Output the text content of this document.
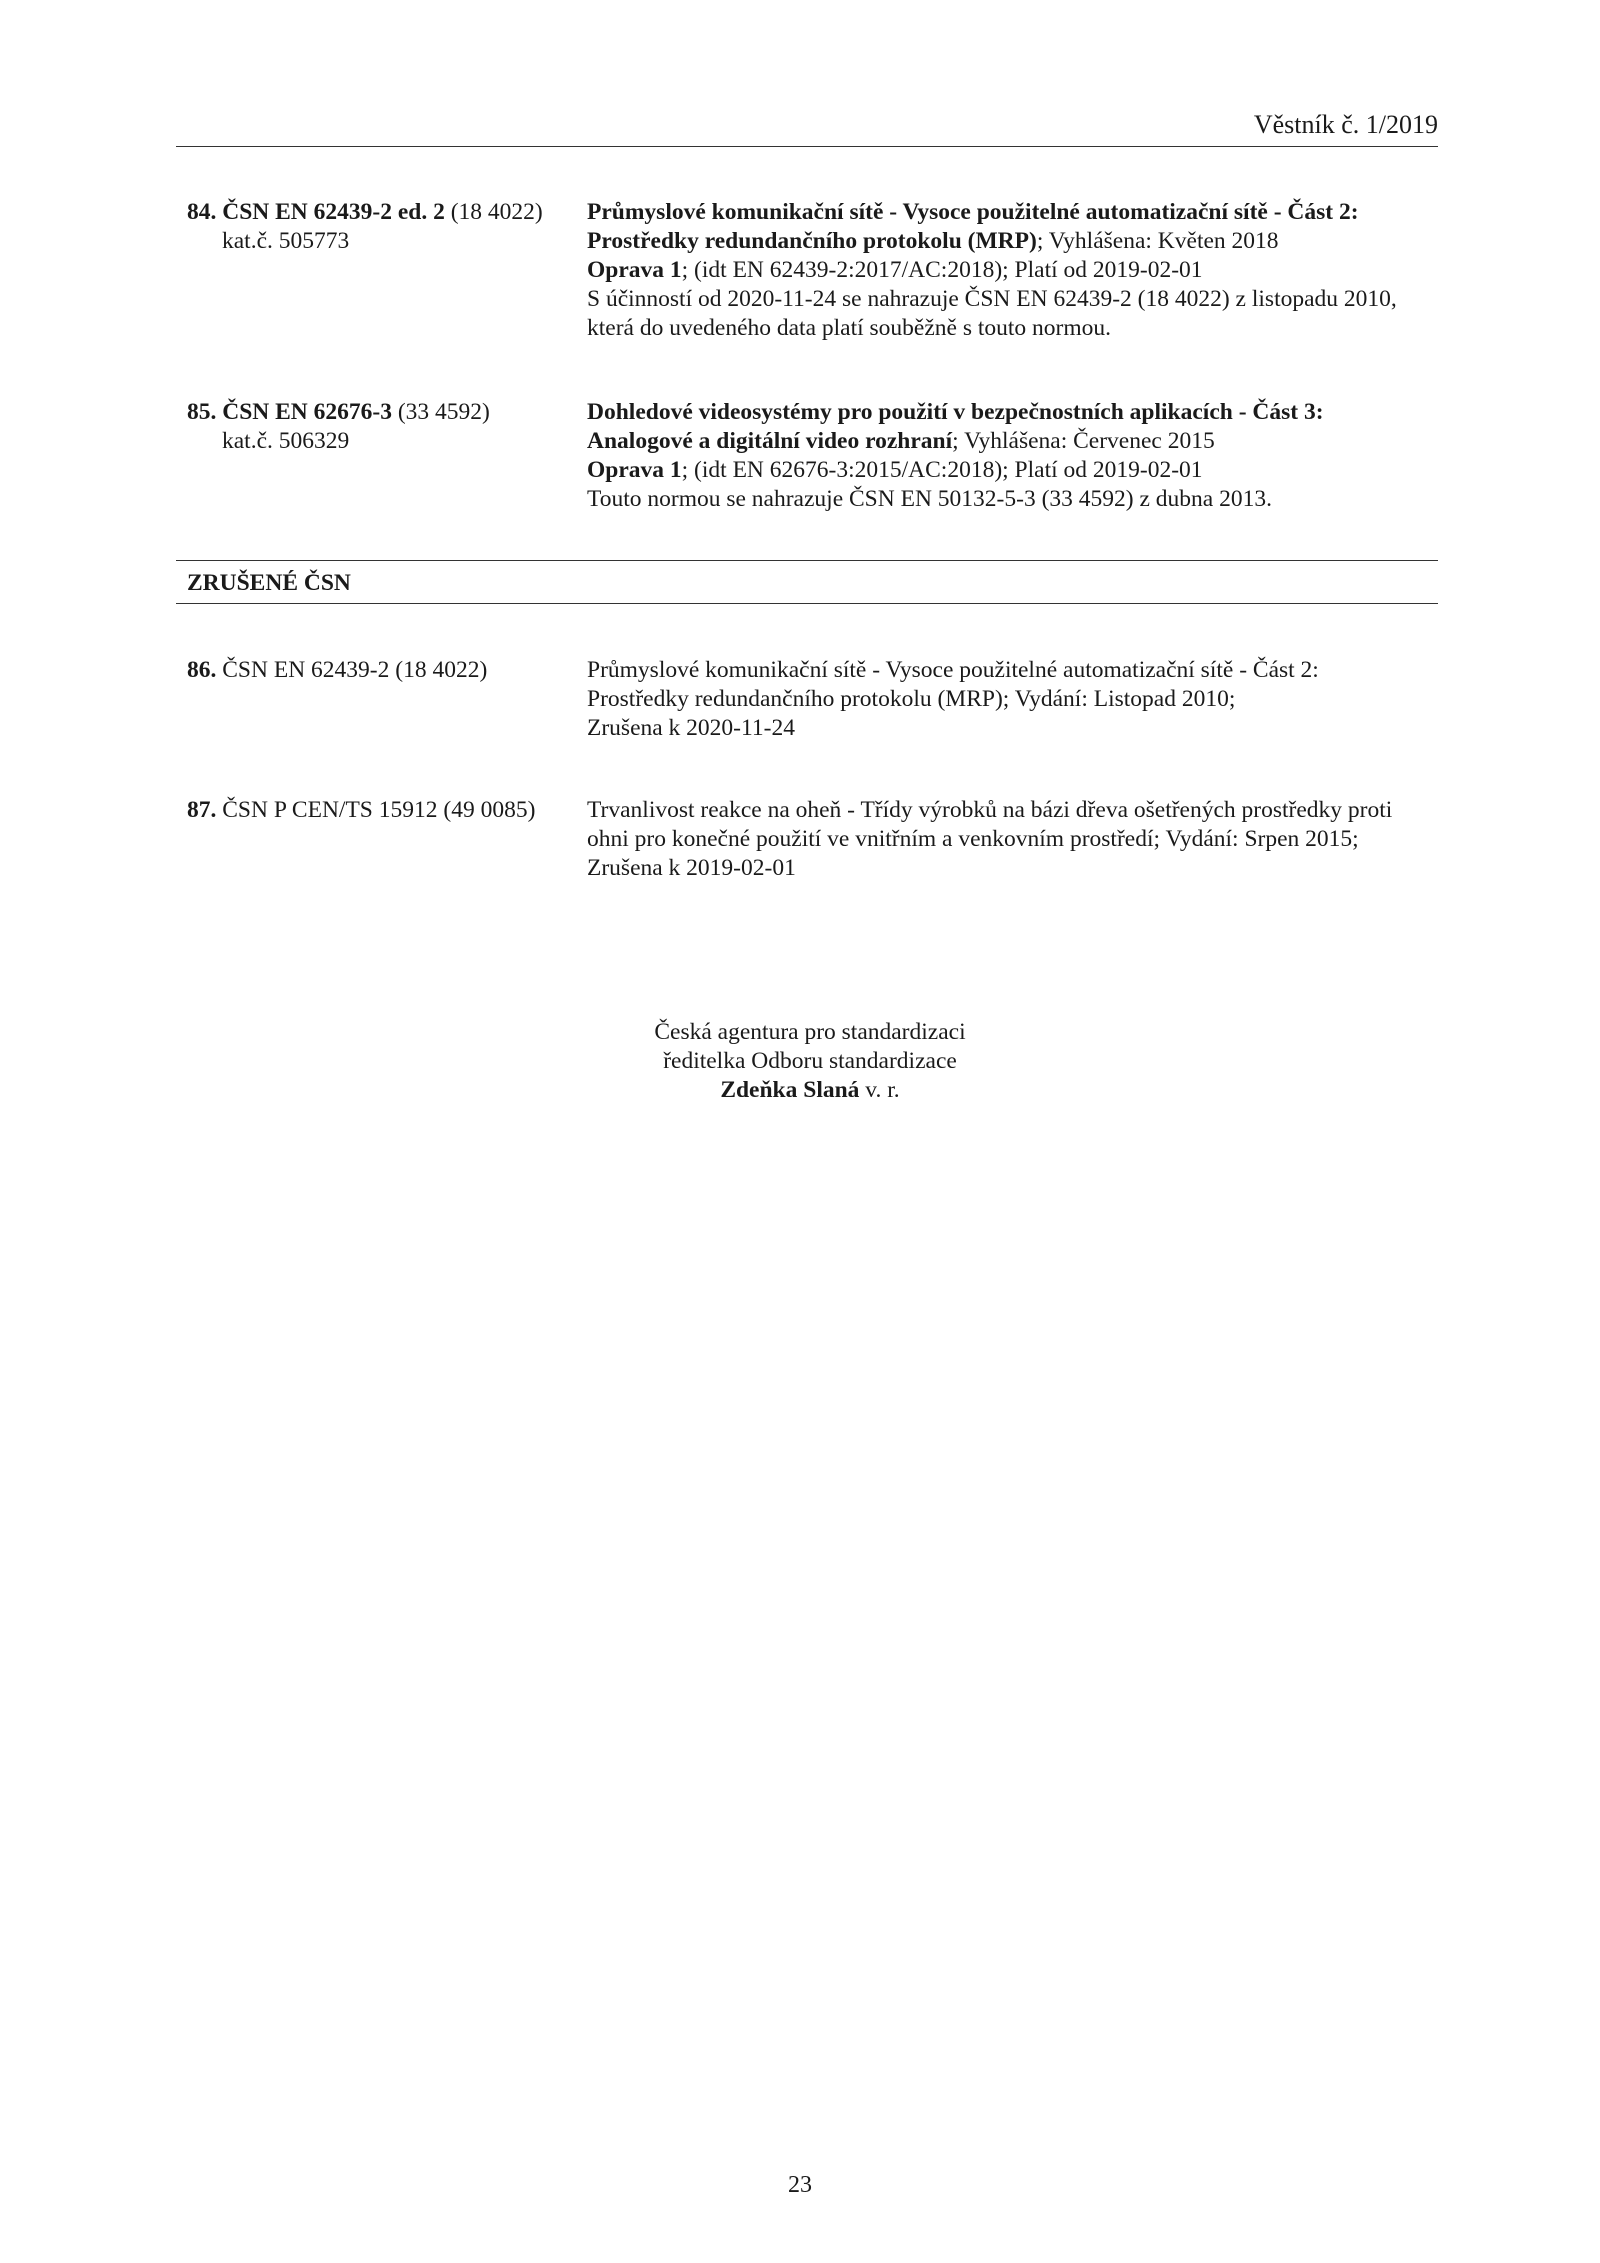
Věstník č. 1/2019
84. ČSN EN 62439-2 ed. 2 (18 4022)
kat.č. 505773
Průmyslové komunikační sítě - Vysoce použitelné automatizační sítě - Část 2:
Prostředky redundančního protokolu (MRP); Vyhlášena: Květen 2018
Oprava 1; (idt EN 62439-2:2017/AC:2018); Platí od 2019-02-01
S účinností od 2020-11-24 se nahrazuje ČSN EN 62439-2 (18 4022) z listopadu 2010,
která do uvedeného data platí souběžně s touto normou.
85. ČSN EN 62676-3 (33 4592)
kat.č. 506329
Dohledové videosystémy pro použití v bezpečnostních aplikacích - Část 3:
Analogové a digitální video rozhraní; Vyhlášena: Červenec 2015
Oprava 1; (idt EN 62676-3:2015/AC:2018); Platí od 2019-02-01
Touto normou se nahrazuje ČSN EN 50132-5-3 (33 4592) z dubna 2013.
ZRUŠENÉ ČSN
86. ČSN EN 62439-2 (18 4022)	Průmyslové komunikační sítě - Vysoce použitelné automatizační sítě - Část 2:
Prostředky redundančního protokolu (MRP); Vydání: Listopad 2010;
Zrušena k 2020-11-24
87. ČSN P CEN/TS 15912 (49 0085)	Trvanlivost reakce na oheň - Třídy výrobků na bázi dřeva ošetřených prostředky proti
ohni pro konečné použití ve vnitřním a venkovním prostředí; Vydání: Srpen 2015;
Zrušena k 2019-02-01
Česká agentura pro standardizaci
ředitelka Odboru standardizace
Zdeňka Slaná v. r.
23
